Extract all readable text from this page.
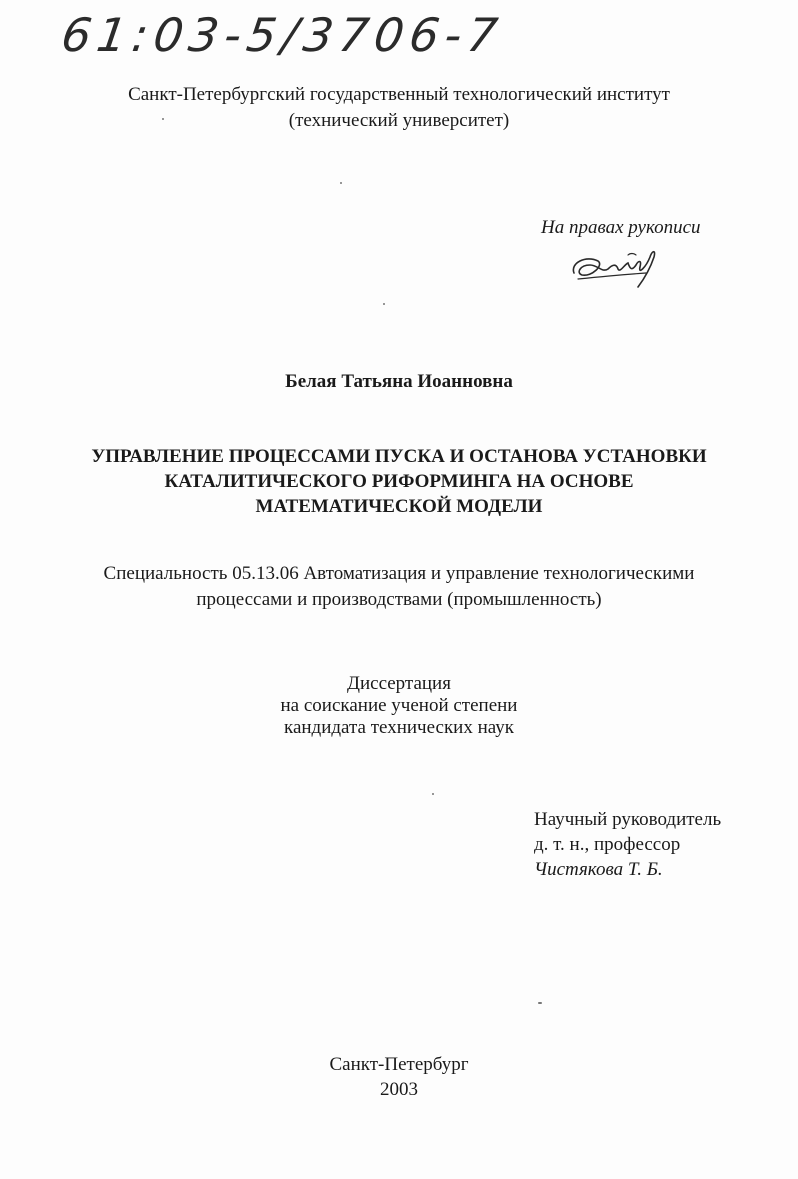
61:03-5/3706-7
Санкт-Петербургский государственный технологический институт
(технический университет)
На правах рукописи
Белая Татьяна Иоанновна
УПРАВЛЕНИЕ ПРОЦЕССАМИ ПУСКА И ОСТАНОВА УСТАНОВКИ
КАТАЛИТИЧЕСКОГО РИФОРМИНГА НА ОСНОВЕ
МАТЕМАТИЧЕСКОЙ МОДЕЛИ
Специальность 05.13.06 Автоматизация и управление технологическими
процессами и производствами (промышленность)
Диссертация
на соискание ученой степени
кандидата технических наук
Научный руководитель
д. т. н., профессор
Чистякова Т. Б.
Санкт-Петербург
2003
